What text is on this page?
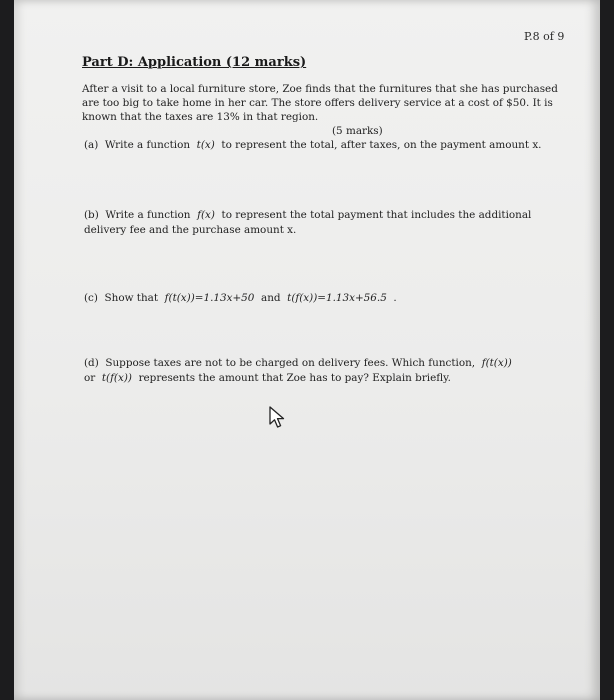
P.8 of 9
Part D: Application (12 marks)
After a visit to a local furniture store, Zoe finds that the furnitures that she has purchased are too big to take home in her car. The store offers delivery service at a cost of $50. It is known that the taxes are 13% in that region. (5 marks)
(a) Write a function t(x) to represent the total, after taxes, on the payment amount x.
(b) Write a function f(x) to represent the total payment that includes the additional delivery fee and the purchase amount x.
(c) Show that f(t(x))=1.13x+50 and t(f(x))=1.13x+56.5 .
(d) Suppose taxes are not to be charged on delivery fees. Which function, f(t(x))  or t(f(x)) represents the amount that Zoe has to pay? Explain briefly.
